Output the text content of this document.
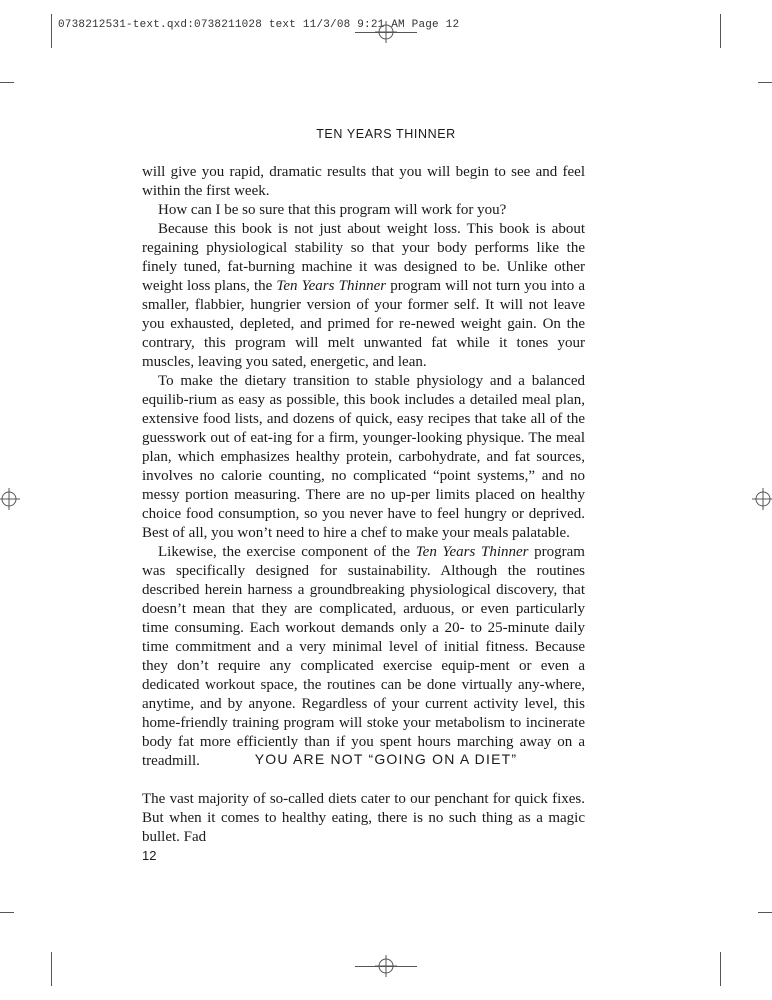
0738212531-text.qxd:0738211028 text 11/3/08 9:21 AM Page 12
TEN YEARS THINNER

will give you rapid, dramatic results that you will begin to see and feel within the first week.

How can I be so sure that this program will work for you?

Because this book is not just about weight loss. This book is about regaining physiological stability so that your body performs like the finely tuned, fat-burning machine it was designed to be. Unlike other weight loss plans, the Ten Years Thinner program will not turn you into a smaller, flabbier, hungrier version of your former self. It will not leave you exhausted, depleted, and primed for re-newed weight gain. On the contrary, this program will melt unwanted fat while it tones your muscles, leaving you sated, energetic, and lean.

To make the dietary transition to stable physiology and a balanced equilib-rium as easy as possible, this book includes a detailed meal plan, extensive food lists, and dozens of quick, easy recipes that take all of the guesswork out of eat-ing for a firm, younger-looking physique. The meal plan, which emphasizes healthy protein, carbohydrate, and fat sources, involves no calorie counting, no complicated “point systems,” and no messy portion measuring. There are no up-per limits placed on healthy choice food consumption, so you never have to feel hungry or deprived. Best of all, you won’t need to hire a chef to make your meals palatable.

Likewise, the exercise component of the Ten Years Thinner program was specifically designed for sustainability. Although the routines described herein harness a groundbreaking physiological discovery, that doesn’t mean that they are complicated, arduous, or even particularly time consuming. Each workout demands only a 20- to 25-minute daily time commitment and a very minimal level of initial fitness. Because they don’t require any complicated exercise equip-ment or even a dedicated workout space, the routines can be done virtually any-where, anytime, and by anyone. Regardless of your current activity level, this home-friendly training program will stoke your metabolism to incinerate body fat more efficiently than if you spent hours marching away on a treadmill.	YOU ARE NOT “GOING ON A DIET”

The vast majority of so-called diets cater to our penchant for quick fixes. But when it comes to healthy eating, there is no such thing as a magic bullet. Fad

12
